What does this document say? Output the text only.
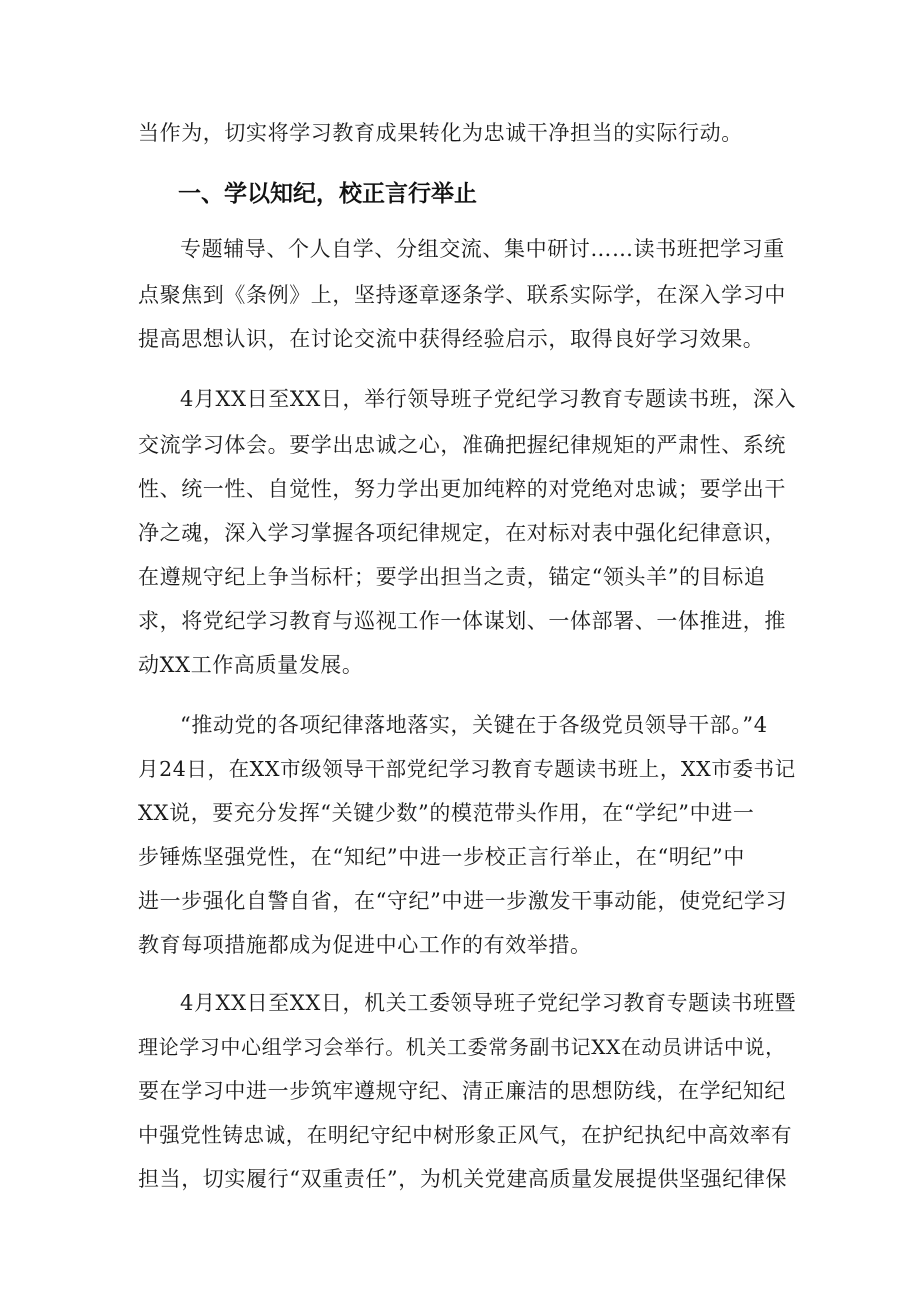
当作为，切实将学习教育成果转化为忠诚干净担当的实际行动。
一、学以知纪，校正言行举止
专题辅导、个人自学、分组交流、集中研讨……读书班把学习重
点聚焦到《条例》上，坚持逐章逐条学、联系实际学，在深入学习中
提高思想认识，在讨论交流中获得经验启示，取得良好学习效果。
4月XX日至XX日，举行领导班子党纪学习教育专题读书班，深入
交流学习体会。要学出忠诚之心，准确把握纪律规矩的严肃性、系统
性、统一性、自觉性，努力学出更加纯粹的对党绝对忠诚；要学出干
净之魂，深入学习掌握各项纪律规定，在对标对表中强化纪律意识，
在遵规守纪上争当标杆；要学出担当之责，锚定“领头羊”的目标追
求，将党纪学习教育与巡视工作一体谋划、一体部署、一体推进，推
动XX工作高质量发展。
“推动党的各项纪律落地落实，关键在于各级党员领导干部。”4
月24日，在XX市级领导干部党纪学习教育专题读书班上，XX市委书记
XX说，要充分发挥“关键少数”的模范带头作用，在“学纪”中进一
步锤炼坚强党性，在“知纪”中进一步校正言行举止，在“明纪”中
进一步强化自警自省，在“守纪”中进一步激发干事动能，使党纪学习
教育每项措施都成为促进中心工作的有效举措。
4月XX日至XX日，机关工委领导班子党纪学习教育专题读书班暨
理论学习中心组学习会举行。机关工委常务副书记XX在动员讲话中说，
要在学习中进一步筑牢遵规守纪、清正廉洁的思想防线，在学纪知纪
中强党性铸忠诚，在明纪守纪中树形象正风气，在护纪执纪中高效率有
担当，切实履行“双重责任”，为机关党建高质量发展提供坚强纪律保
